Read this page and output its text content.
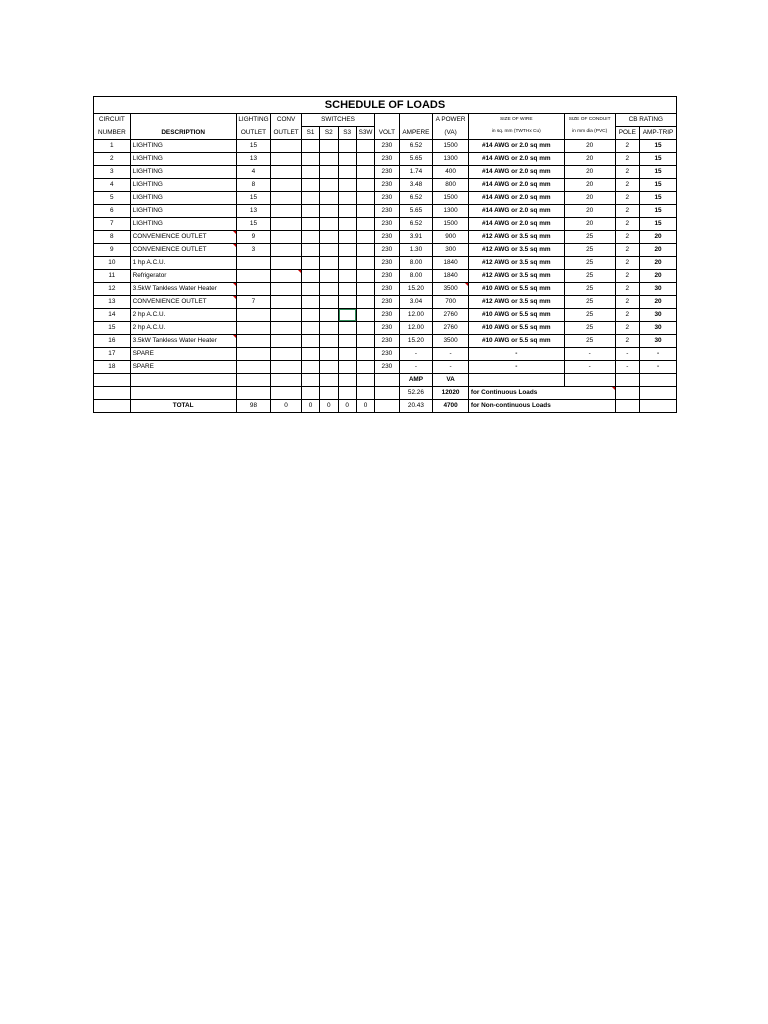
SCHEDULE OF LOADS														
CIRCUIT		LIGHTING	CONV	SWITCHES						A POWER	SIZE OF WIRE	SIZE OF CONDUIT	CB RATING	
NUMBER	DESCRIPTION	OUTLET	OUTLET	S1	S2	S3	S3W	VOLT	AMPERE	(VA)	in sq. mm (TWTHx Cu)	in mm dia (PVC)	POLE	AMP-TRIP
1	LIGHTING	15						230	6.52	1500	#14 AWG or 2.0 sq mm	20	2	15
2	LIGHTING	13						230	5.65	1300	#14 AWG or 2.0 sq mm	20	2	15
3	LIGHTING	4						230	1.74	400	#14 AWG or 2.0 sq mm	20	2	15
4	LIGHTING	8						230	3.48	800	#14 AWG or 2.0 sq mm	20	2	15
5	LIGHTING	15						230	6.52	1500	#14 AWG or 2.0 sq mm	20	2	15
6	LIGHTING	13						230	5.65	1300	#14 AWG or 2.0 sq mm	20	2	15
7	LIGHTING	15						230	6.52	1500	#14 AWG or 2.0 sq mm	20	2	15
8	CONVENIENCE OUTLET	9						230	3.91	900	#12 AWG or 3.5 sq mm	25	2	20
9	CONVENIENCE OUTLET	3						230	1.30	300	#12 AWG or 3.5 sq mm	25	2	20
10	1 hp A.C.U.							230	8.00	1840	#12 AWG or 3.5 sq mm	25	2	20
11	Refrigerator							230	8.00	1840	#12 AWG or 3.5 sq mm	25	2	20
12	3.5kW Tankless Water Heater							230	15.20	3500	#10 AWG or 5.5 sq mm	25	2	30
13	CONVENIENCE OUTLET	7						230	3.04	700	#12 AWG or 3.5 sq mm	25	2	20
14	2 hp A.C.U.							230	12.00	2760	#10 AWG or 5.5 sq mm	25	2	30
15	2 hp A.C.U.							230	12.00	2760	#10 AWG or 5.5 sq mm	25	2	30
16	3.5kW Tankless Water Heater							230	15.20	3500	#10 AWG or 5.5 sq mm	25	2	30
17	SPARE							230	-	-	-	-	-	-
18	SPARE							230	-	-	-	-	-	-
									AMP	VA				
									52.26	12020	for Continuous Loads	

	TOTAL	98	0	0	0	0	0		20.43	4700	for Non-continuous Loads			
